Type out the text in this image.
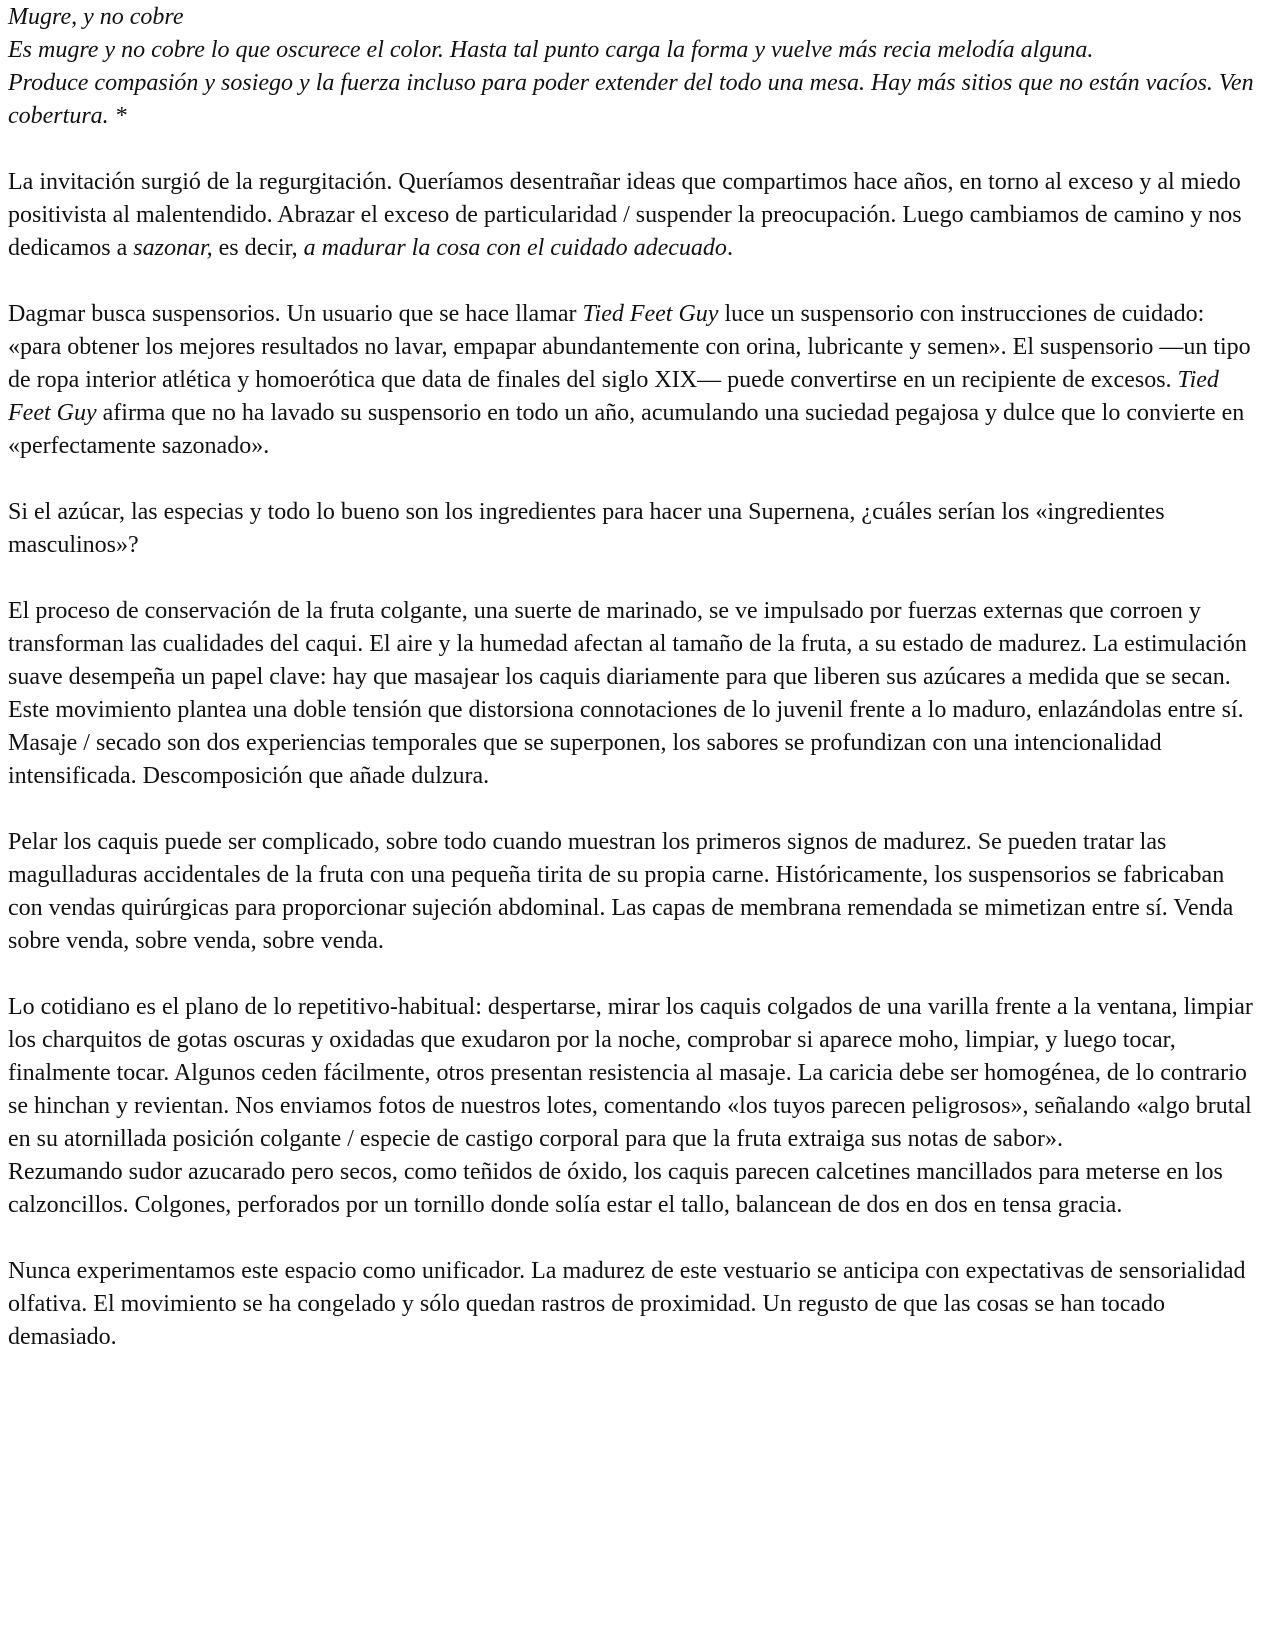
Mugre, y no cobre
Es mugre y no cobre lo que oscurece el color. Hasta tal punto carga la forma y vuelve más recia melodía alguna.
Produce compasión y sosiego y la fuerza incluso para poder extender del todo una mesa. Hay más sitios que no están vacíos. Ven cobertura. *

La invitación surgió de la regurgitación. Queríamos desentrañar ideas que compartimos hace años, en torno al exceso y al miedo positivista al malentendido. Abrazar el exceso de particularidad / suspender la preocupación. Luego cambiamos de camino y nos dedicamos a sazonar, es decir, a madurar la cosa con el cuidado adecuado.

Dagmar busca suspensorios. Un usuario que se hace llamar Tied Feet Guy luce un suspensorio con instrucciones de cuidado: «para obtener los mejores resultados no lavar, empapar abundantemente con orina, lubricante y semen». El suspensorio —un tipo de ropa interior atlética y homoerótica que data de finales del siglo XIX— puede convertirse en un recipiente de excesos. Tied Feet Guy afirma que no ha lavado su suspensorio en todo un año, acumulando una suciedad pegajosa y dulce que lo convierte en «perfectamente sazonado».

Si el azúcar, las especias y todo lo bueno son los ingredientes para hacer una Supernena, ¿cuáles serían los «ingredientes masculinos»?

El proceso de conservación de la fruta colgante, una suerte de marinado, se ve impulsado por fuerzas externas que corroen y transforman las cualidades del caqui. El aire y la humedad afectan al tamaño de la fruta, a su estado de madurez. La estimulación suave desempeña un papel clave: hay que masajear los caquis diariamente para que liberen sus azúcares a medida que se secan. Este movimiento plantea una doble tensión que distorsiona connotaciones de lo juvenil frente a lo maduro, enlazándolas entre sí. Masaje / secado son dos experiencias temporales que se superponen, los sabores se profundizan con una intencionalidad intensificada. Descomposición que añade dulzura.

Pelar los caquis puede ser complicado, sobre todo cuando muestran los primeros signos de madurez. Se pueden tratar las magulladuras accidentales de la fruta con una pequeña tirita de su propia carne. Históricamente, los suspensorios se fabricaban con vendas quirúrgicas para proporcionar sujeción abdominal. Las capas de membrana remendada se mimetizan entre sí. Venda sobre venda, sobre venda, sobre venda.

Lo cotidiano es el plano de lo repetitivo-habitual: despertarse, mirar los caquis colgados de una varilla frente a la ventana, limpiar los charquitos de gotas oscuras y oxidadas que exudaron por la noche, comprobar si aparece moho, limpiar, y luego tocar, finalmente tocar. Algunos ceden fácilmente, otros presentan resistencia al masaje. La caricia debe ser homogénea, de lo contrario se hinchan y revientan. Nos enviamos fotos de nuestros lotes, comentando «los tuyos parecen peligrosos», señalando «algo brutal en su atornillada posición colgante / especie de castigo corporal para que la fruta extraiga sus notas de sabor».
Rezumando sudor azucarado pero secos, como teñidos de óxido, los caquis parecen calcetines mancillados para meterse en los calzoncillos. Colgones, perforados por un tornillo donde solía estar el tallo, balancean de dos en dos en tensa gracia.

Nunca experimentamos este espacio como unificador. La madurez de este vestuario se anticipa con expectativas de sensorialidad olfativa. El movimiento se ha congelado y sólo quedan rastros de proximidad. Un regusto de que las cosas se han tocado demasiado.
